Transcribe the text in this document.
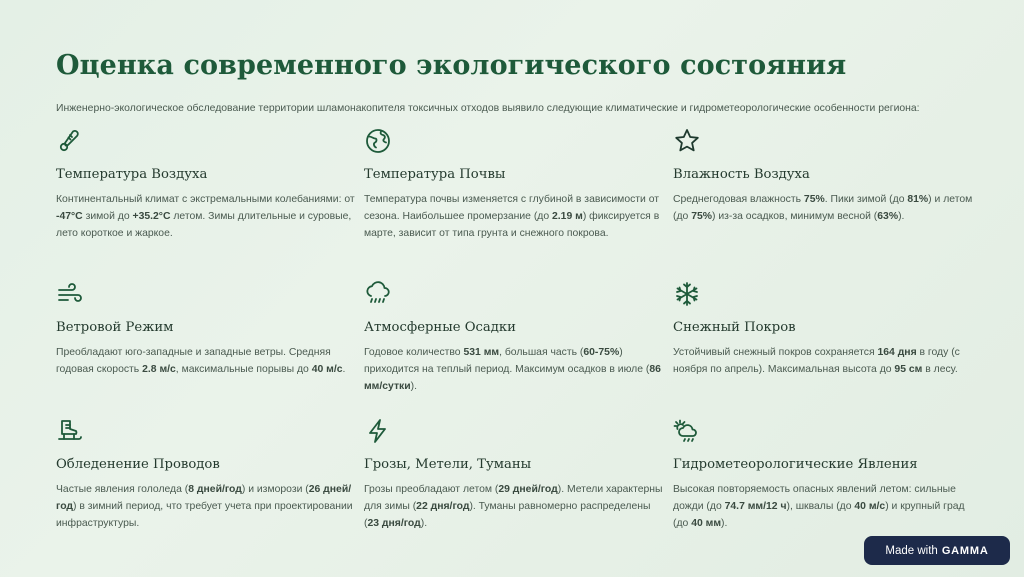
Оценка современного экологического состояния
Инженерно-экологическое обследование территории шламонакопителя токсичных отходов выявило следующие климатические и гидрометеорологические особенности региона:
Температура Воздуха

Континентальный климат с экстремальными колебаниями: от -47°C зимой до +35.2°C летом. Зимы длительные и суровые, лето короткое и жаркое.

Температура Почвы

Температура почвы изменяется с глубиной в зависимости от сезона. Наибольшее промерзание (до 2.19 м) фиксируется в марте, зависит от типа грунта и снежного покрова.

Влажность Воздуха

Среднегодовая влажность 75%. Пики зимой (до 81%) и летом (до 75%) из-за осадков, минимум весной (63%).

Ветровой Режим

Преобладают юго-западные и западные ветры. Средняя годовая скорость 2.8 м/с, максимальные порывы до 40 м/с.

Атмосферные Осадки

Годовое количество 531 мм, большая часть (60-75%) приходится на теплый период. Максимум осадков в июле (86 мм/сутки).

Снежный Покров

Устойчивый снежный покров сохраняется 164 дня в году (с ноября по апрель). Максимальная высота до 95 см в лесу.

Обледенение Проводов

Частые явления гололеда (8 дней/год) и изморози (26 дней/год) в зимний период, что требует учета при проектировании инфраструктуры.

Грозы, Метели, Туманы

Грозы преобладают летом (29 дней/год). Метели характерны для зимы (22 дня/год). Туманы равномерно распределены (23 дня/год).

Гидрометеорологические Явления

Высокая повторяемость опасных явлений летом: сильные дожди (до 74.7 мм/12 ч), шквалы (до 40 м/с) и крупный град (до 40 мм).

Made with GAMMA
